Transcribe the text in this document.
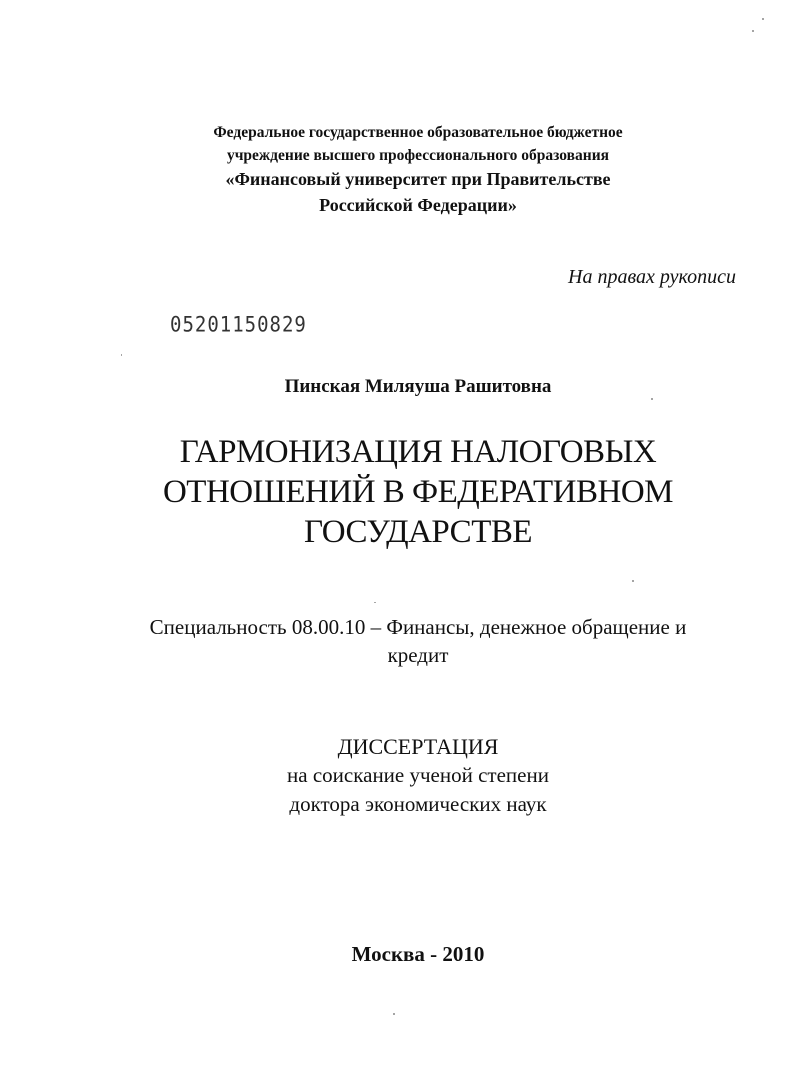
Федеральное государственное образовательное бюджетное
учреждение высшего профессионального образования
«Финансовый университет при Правительстве
Российской Федерации»
На правах рукописи
05201150829
Пинская Миляуша Рашитовна
ГАРМОНИЗАЦИЯ НАЛОГОВЫХ
ОТНОШЕНИЙ В ФЕДЕРАТИВНОМ
ГОСУДАРСТВЕ
Специальность 08.00.10 – Финансы, денежное обращение и
кредит
ДИССЕРТАЦИЯ
на соискание ученой степени
доктора экономических наук
Москва - 2010
